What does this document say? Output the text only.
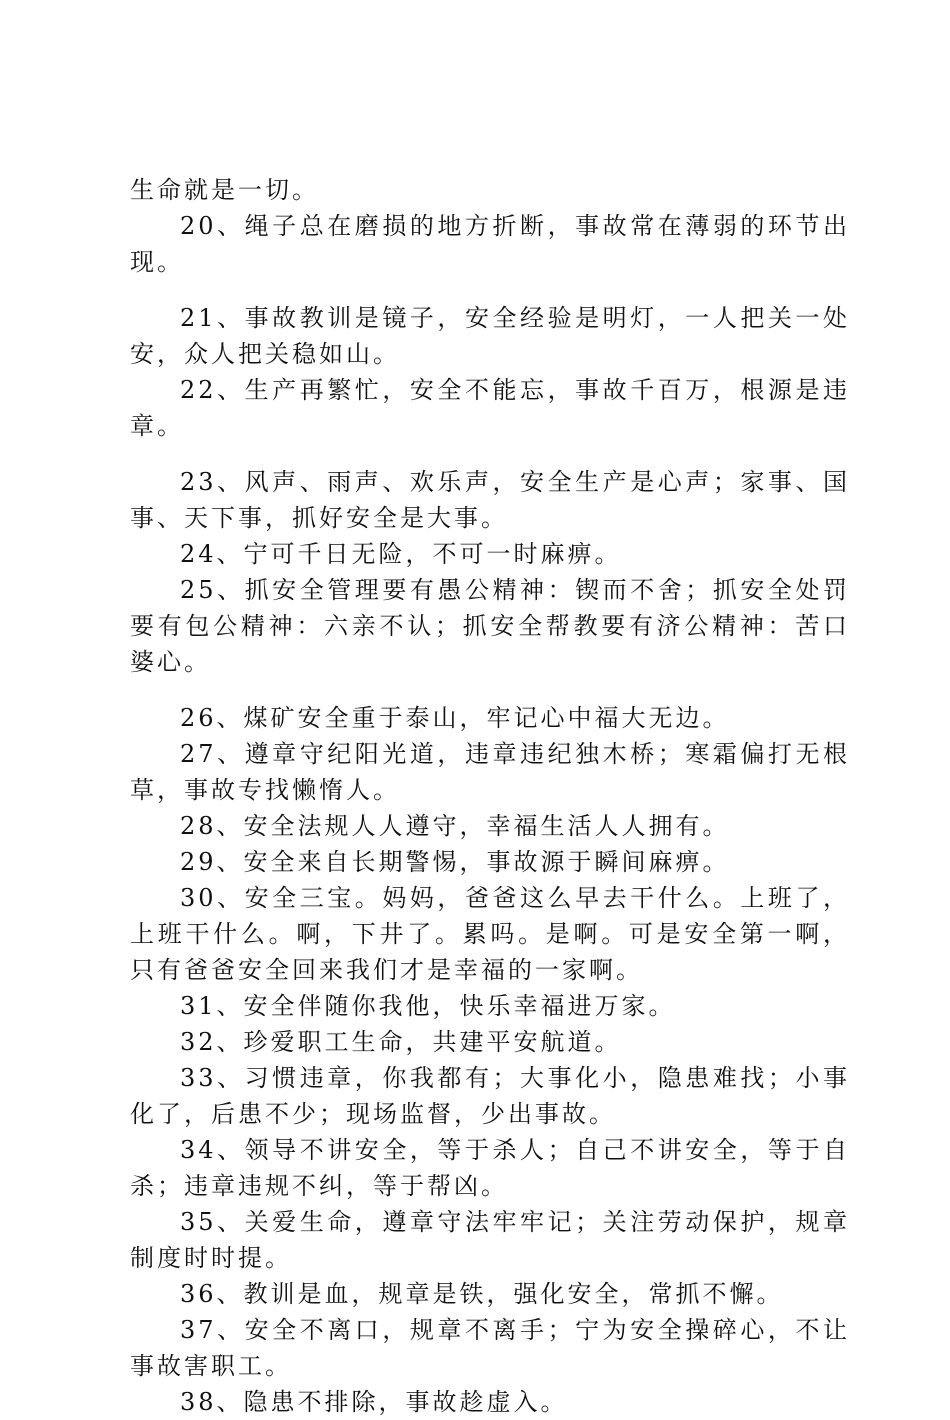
生命就是一切。

20、绳子总在磨损的地方折断，事故常在薄弱的环节出现。

21、事故教训是镜子，安全经验是明灯，一人把关一处安，众人把关稳如山。

22、生产再繁忙，安全不能忘，事故千百万，根源是违章。

23、风声、雨声、欢乐声，安全生产是心声；家事、国事、天下事，抓好安全是大事。

24、宁可千日无险，不可一时麻痹。

25、抓安全管理要有愚公精神：锲而不舍；抓安全处罚要有包公精神：六亲不认；抓安全帮教要有济公精神：苦口婆心。

26、煤矿安全重于泰山，牢记心中福大无边。

27、遵章守纪阳光道，违章违纪独木桥；寒霜偏打无根草，事故专找懒惰人。

28、安全法规人人遵守，幸福生活人人拥有。

29、安全来自长期警惕，事故源于瞬间麻痹。

30、安全三宝。妈妈，爸爸这么早去干什么。上班了，上班干什么。啊，下井了。累吗。是啊。可是安全第一啊，只有爸爸安全回来我们才是幸福的一家啊。

31、安全伴随你我他，快乐幸福进万家。

32、珍爱职工生命，共建平安航道。

33、习惯违章，你我都有；大事化小，隐患难找；小事化了，后患不少；现场监督，少出事故。

34、领导不讲安全，等于杀人；自己不讲安全，等于自杀；违章违规不纠，等于帮凶。

35、关爱生命，遵章守法牢牢记；关注劳动保护，规章制度时时提。

36、教训是血，规章是铁，强化安全，常抓不懈。

37、安全不离口，规章不离手；宁为安全操碎心，不让事故害职工。

38、隐患不排除，事故趁虚入。
